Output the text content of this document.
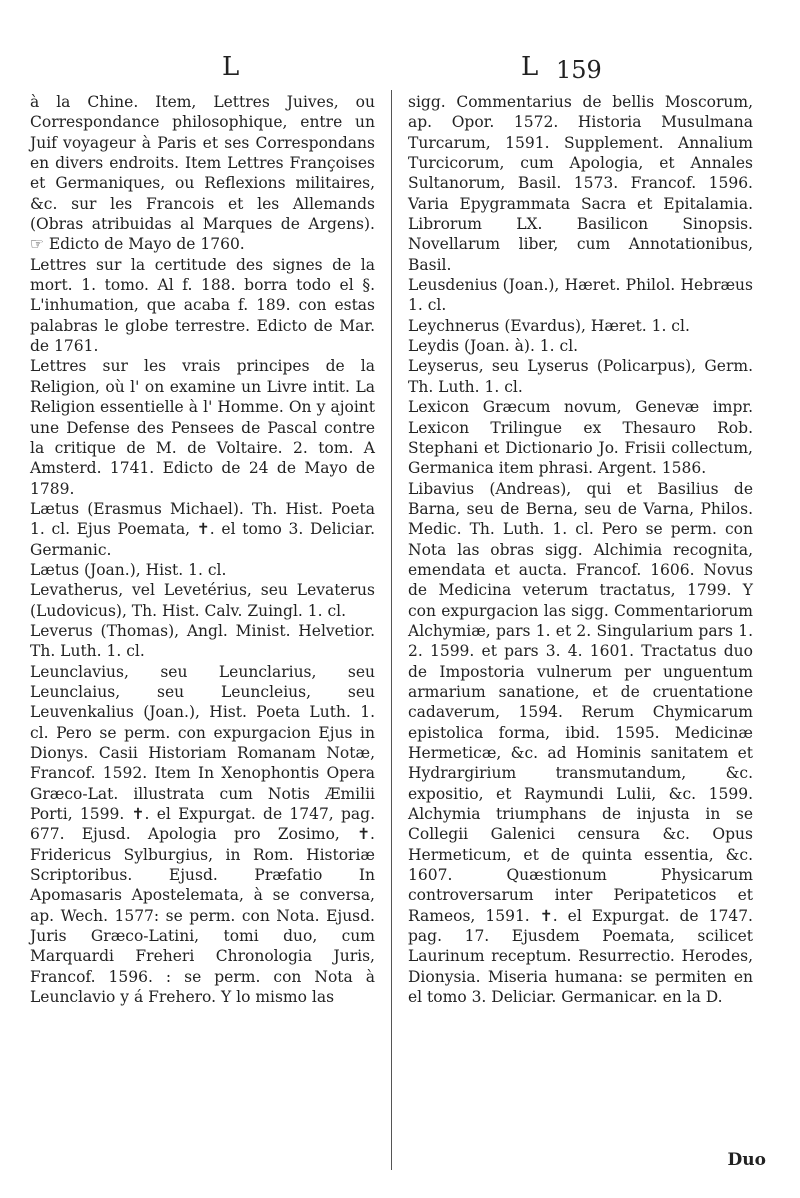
L	L 159

à la Chine. Item, Lettres Juives, ou Correspondance philosophique, entre un Juif voyageur à Paris et ses Correspondans en divers endroits. Item Lettres Françoises et Germaniques, ou Reflexions militaires, &c. sur les Francois et les Allemands (Obras atribuidas al Marques de Argens). ☞ Edicto de Mayo de 1760.

Lettres sur la certitude des signes de la mort. 1. tomo. Al f. 188. borra todo el §. L'inhumation, que acaba f. 189. con estas palabras le globe terrestre. Edicto de Mar. de 1761.

Lettres sur les vrais principes de la Religion, où l' on examine un Livre intit. La Religion essentielle à l' Homme. On y ajoint une Defense des Pensees de Pascal contre la critique de M. de Voltaire. 2. tom. A Amsterd. 1741. Edicto de 24 de Mayo de 1789.

Lætus (Erasmus Michael). Th. Hist. Poeta 1. cl. Ejus Poemata, ✝. el tomo 3. Deliciar. Germanic.

Lætus (Joan.), Hist. 1. cl.

Levatherus, vel Levetérius, seu Levaterus (Ludovicus), Th. Hist. Calv. Zuingl. 1. cl.

Leverus (Thomas), Angl. Minist. Helvetior. Th. Luth. 1. cl.

Leunclavius, seu Leunclarius, seu Leunclaius, seu Leuncleius, seu Leuvenkalius (Joan.), Hist. Poeta Luth. 1. cl. Pero se perm. con expurgacion Ejus in Dionys. Casii Historiam Romanam Notæ, Francof. 1592. Item In Xenophontis Opera Græco-Lat. illustrata cum Notis Æmilii Porti, 1599. ✝. el Expurgat. de 1747, pag. 677. Ejusd. Apologia pro Zosimo, ✝. Fridericus Sylburgius, in Rom. Historiæ Scriptoribus. Ejusd. Præfatio In Apomasaris Apostelemata, à se conversa, ap. Wech. 1577: se perm. con Nota. Ejusd. Juris Græco-Latini, tomi duo, cum Marquardi Freheri Chronologia Juris, Francof. 1596. : se perm. con Nota à Leunclavio y á Frehero. Y lo mismo las

sigg. Commentarius de bellis Moscorum, ap. Opor. 1572. Historia Musulmana Turcarum, 1591. Supplement. Annalium Turcicorum, cum Apologia, et Annales Sultanorum, Basil. 1573. Francof. 1596. Varia Epygrammata Sacra et Epitalamia. Librorum LX. Basilicon Sinopsis. Novellarum liber, cum Annotationibus, Basil.

Leusdenius (Joan.), Hæret. Philol. Hebræus 1. cl.

Leychnerus (Evardus), Hæret. 1. cl.

Leydis (Joan. à). 1. cl.

Leyserus, seu Lyserus (Policarpus), Germ. Th. Luth. 1. cl.

Lexicon Græcum novum, Genevæ impr. Lexicon Trilingue ex Thesauro Rob. Stephani et Dictionario Jo. Frisii collectum, Germanica item phrasi. Argent. 1586.

Libavius (Andreas), qui et Basilius de Barna, seu de Berna, seu de Varna, Philos. Medic. Th. Luth. 1. cl. Pero se perm. con Nota las obras sigg. Alchimia recognita, emendata et aucta. Francof. 1606. Novus de Medicina veterum tractatus, 1799. Y con expurgacion las sigg. Commentariorum Alchymiæ, pars 1. et 2. Singularium pars 1. 2. 1599. et pars 3. 4. 1601. Tractatus duo de Impostoria vulnerum per unguentum armarium sanatione, et de cruentatione cadaverum, 1594. Rerum Chymicarum epistolica forma, ibid. 1595. Medicinæ Hermeticæ, &c. ad Hominis sanitatem et Hydrargirium transmutandum, &c. expositio, et Raymundi Lulii, &c. 1599. Alchymia triumphans de injusta in se Collegii Galenici censura &c. Opus Hermeticum, et de quinta essentia, &c. 1607. Quæstionum Physicarum controversarum inter Peripateticos et Rameos, 1591. ✝. el Expurgat. de 1747. pag. 17. Ejusdem Poemata, scilicet Laurinum receptum. Resurrectio. Herodes, Dionysia. Miseria humana: se permiten en el tomo 3. Deliciar. Germanicar. en la D.

Duo
